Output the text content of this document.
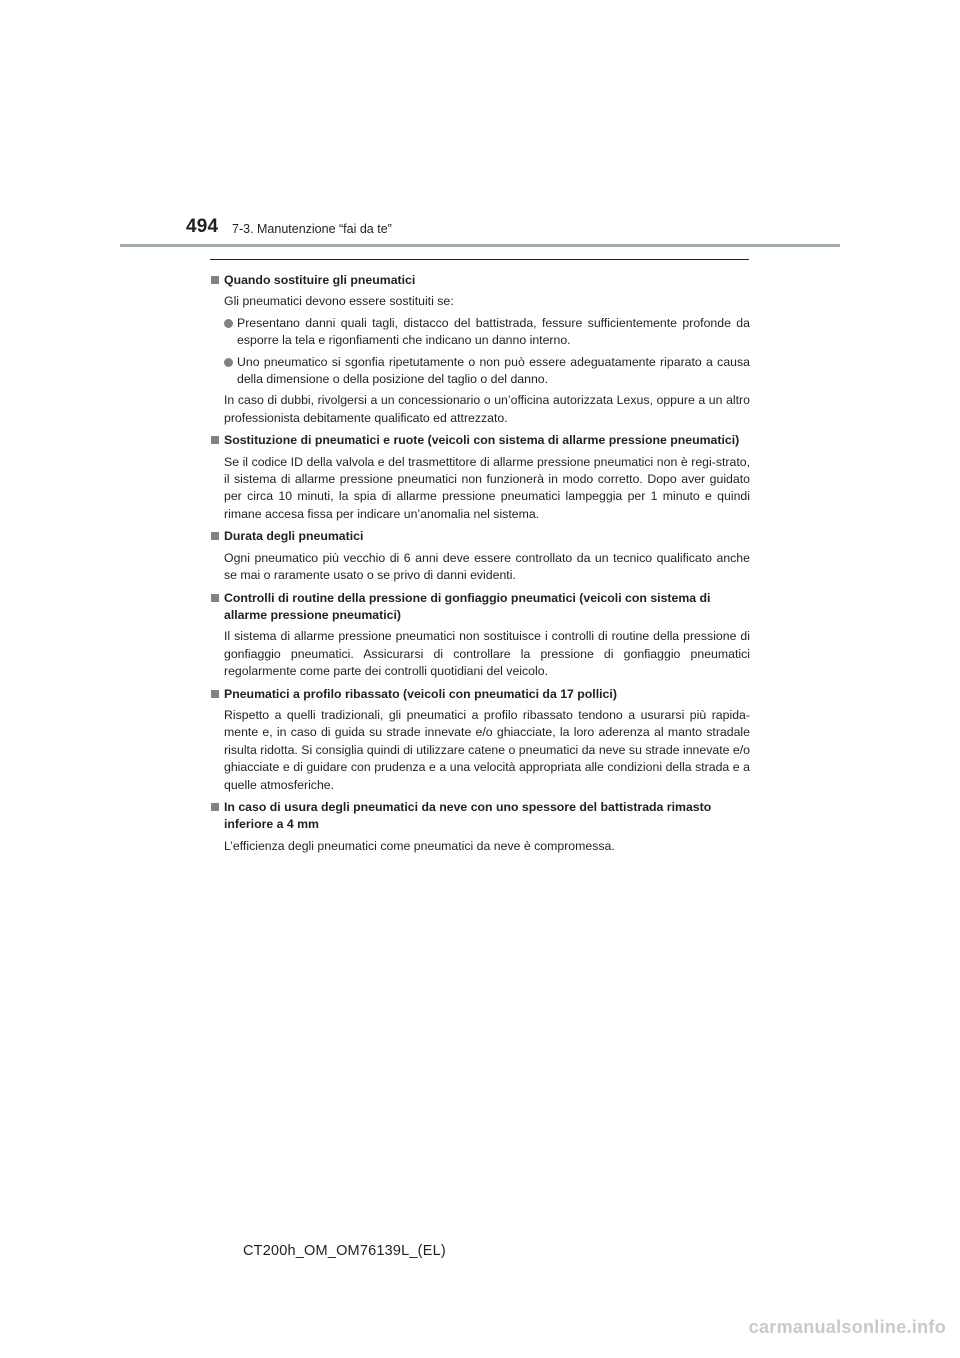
494 7-3. Manutenzione “fai da te”
Quando sostituire gli pneumatici
Gli pneumatici devono essere sostituiti se:
Presentano danni quali tagli, distacco del battistrada, fessure sufficientemente profonde da esporre la tela e rigonfiamenti che indicano un danno interno.
Uno pneumatico si sgonfia ripetutamente o non può essere adeguatamente riparato a causa della dimensione o della posizione del taglio o del danno.
In caso di dubbi, rivolgersi a un concessionario o un’officina autorizzata Lexus, oppure a un altro professionista debitamente qualificato ed attrezzato.
Sostituzione di pneumatici e ruote (veicoli con sistema di allarme pressione pneumatici)
Se il codice ID della valvola e del trasmettitore di allarme pressione pneumatici non è regi-strato, il sistema di allarme pressione pneumatici non funzionerà in modo corretto. Dopo aver guidato per circa 10 minuti, la spia di allarme pressione pneumatici lampeggia per 1 minuto e quindi rimane accesa fissa per indicare un’anomalia nel sistema.
Durata degli pneumatici
Ogni pneumatico più vecchio di 6 anni deve essere controllato da un tecnico qualificato anche se mai o raramente usato o se privo di danni evidenti.
Controlli di routine della pressione di gonfiaggio pneumatici (veicoli con sistema di allarme pressione pneumatici)
Il sistema di allarme pressione pneumatici non sostituisce i controlli di routine della pressione di gonfiaggio pneumatici. Assicurarsi di controllare la pressione di gonfiaggio pneumatici regolarmente come parte dei controlli quotidiani del veicolo.
Pneumatici a profilo ribassato (veicoli con pneumatici da 17 pollici)
Rispetto a quelli tradizionali, gli pneumatici a profilo ribassato tendono a usurarsi più rapida-mente e, in caso di guida su strade innevate e/o ghiacciate, la loro aderenza al manto stradale risulta ridotta. Si consiglia quindi di utilizzare catene o pneumatici da neve su strade innevate e/o ghiacciate e di guidare con prudenza e a una velocità appropriata alle condizioni della strada e a quelle atmosferiche.
In caso di usura degli pneumatici da neve con uno spessore del battistrada rimasto inferiore a 4 mm
L’efficienza degli pneumatici come pneumatici da neve è compromessa.
CT200h_OM_OM76139L_(EL)
carmanualsonline.info
